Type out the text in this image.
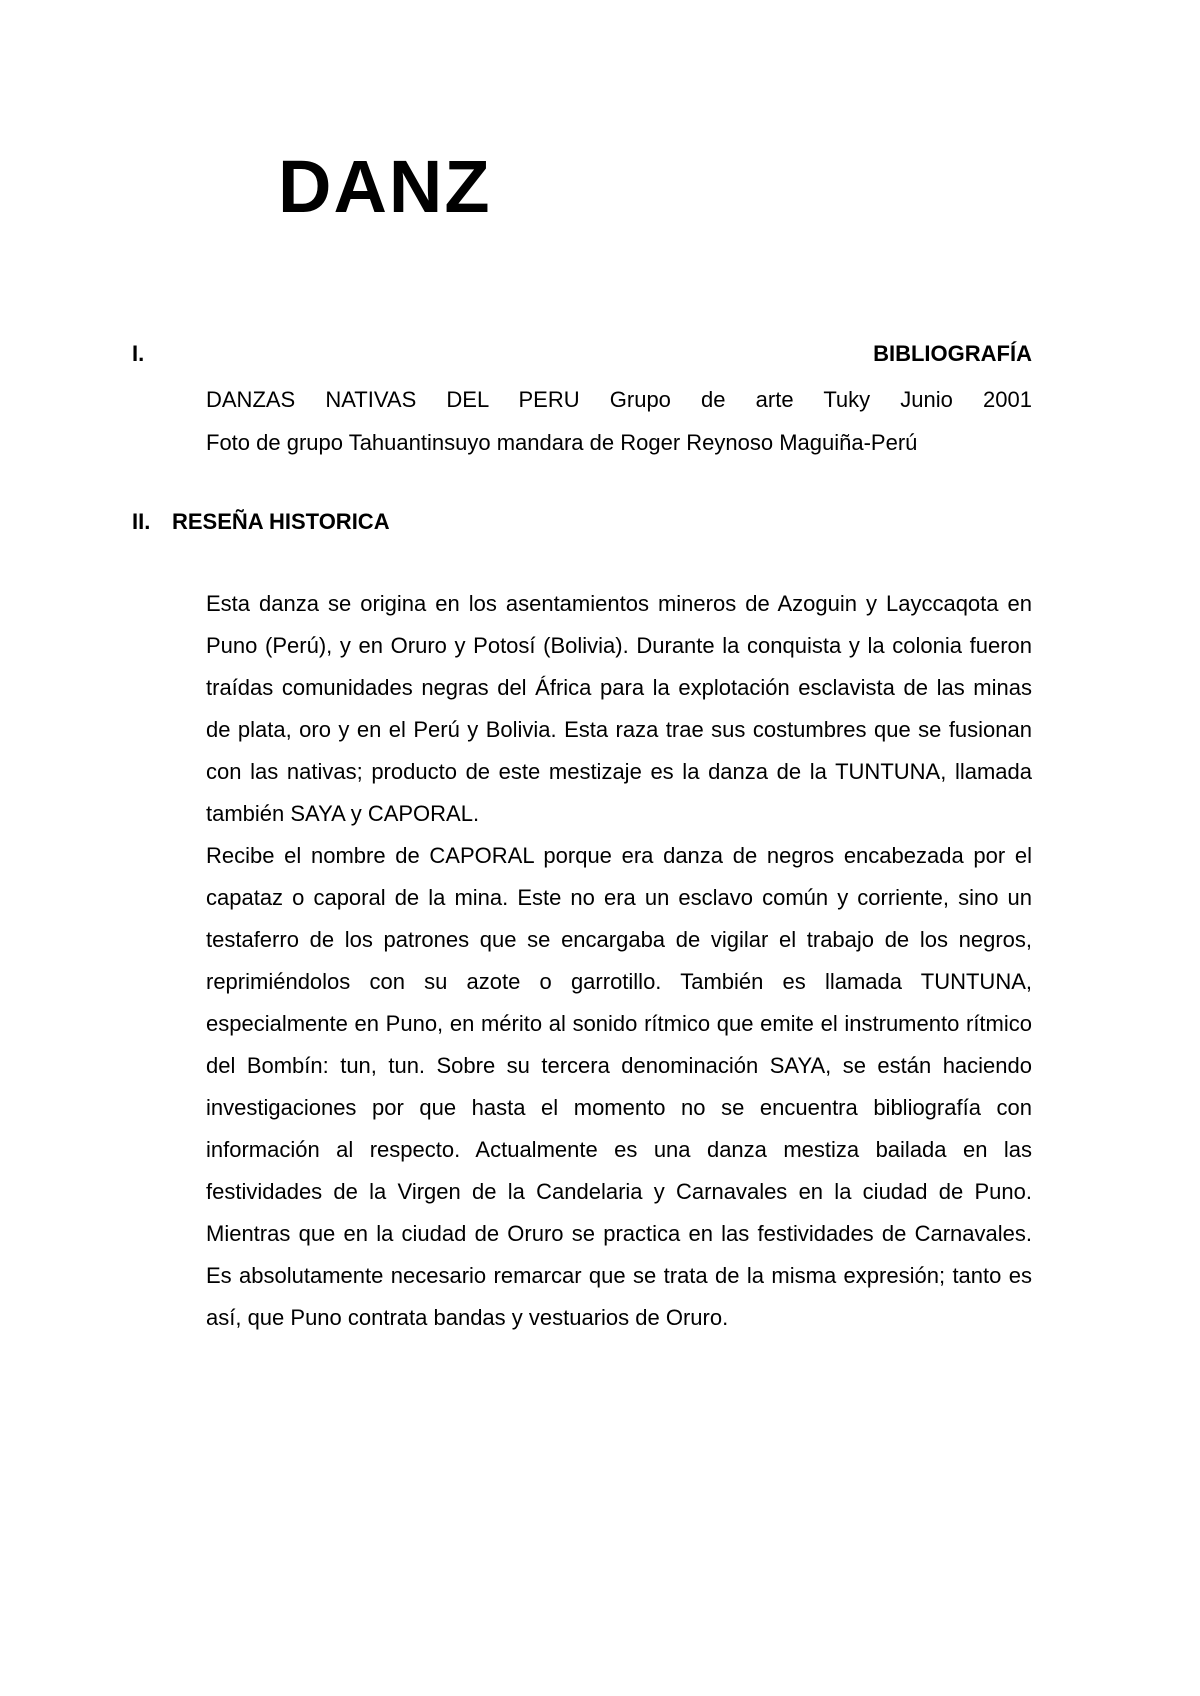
DANZ
I.	BIBLIOGRAFÍA
DANZAS NATIVAS DEL PERU Grupo de arte Tuky Junio 2001
Foto de grupo Tahuantinsuyo mandara de Roger Reynoso Maguiña-Perú
II. RESEÑA HISTORICA

Esta danza se origina en los asentamientos mineros de Azoguin y Layccaqota en Puno (Perú), y en Oruro y Potosí (Bolivia). Durante la conquista y la colonia fueron traídas comunidades negras del África para la explotación esclavista de las minas de plata, oro y en el Perú y Bolivia. Esta raza trae sus costumbres que se fusionan con las nativas; producto de este mestizaje es la danza de la TUNTUNA, llamada también SAYA y CAPORAL.

Recibe el nombre de CAPORAL porque era danza de negros encabezada por el capataz o caporal de la mina. Este no era un esclavo común y corriente, sino un testaferro de los patrones que se encargaba de vigilar el trabajo de los negros, reprimiéndolos con su azote o garrotillo. También es llamada TUNTUNA, especialmente en Puno, en mérito al sonido rítmico que emite el instrumento rítmico del Bombín: tun, tun. Sobre su tercera denominación SAYA, se están haciendo investigaciones por que hasta el momento no se encuentra bibliografía con información al respecto. Actualmente es una danza mestiza bailada en las festividades de la Virgen de la Candelaria y Carnavales en la ciudad de Puno. Mientras que en la ciudad de Oruro se practica en las festividades de Carnavales. Es absolutamente necesario remarcar que se trata de la misma expresión; tanto es así, que Puno contrata bandas y vestuarios de Oruro.
